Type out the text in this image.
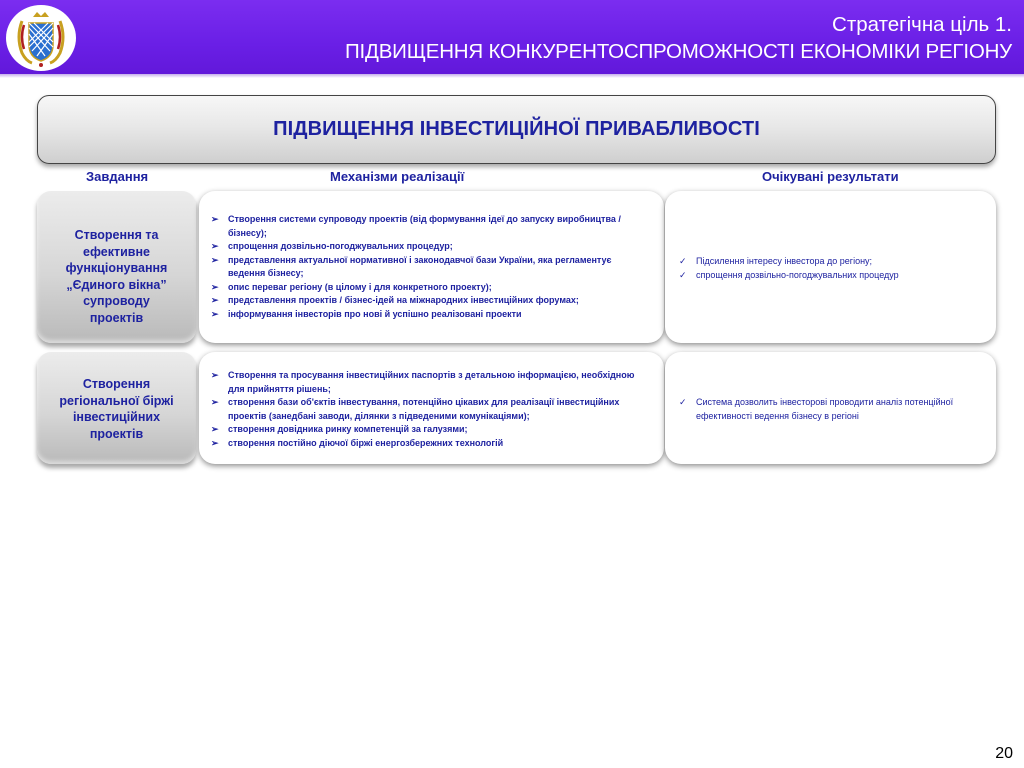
Стратегічна ціль 1.
ПІДВИЩЕННЯ КОНКУРЕНТОСПРОМОЖНОСТІ ЕКОНОМІКИ РЕГІОНУ
ПІДВИЩЕННЯ ІНВЕСТИЦІЙНОЇ ПРИВАБЛИВОСТІ
Завдання	Механізми реалізації	Очікувані результати
Створення та ефективне функціонування „Єдиного вікна” супроводу проектів
➢ Створення системи супроводу проектів (від формування ідеї до запуску виробництва / бізнесу);
➢ спрощення дозвільно-погоджувальних процедур;
➢ представлення актуальної нормативної і законодавчої бази України, яка регламентує ведення бізнесу;
➢ опис переваг регіону (в цілому і для конкретного проекту);
➢ представлення проектів / бізнес-ідей на міжнародних інвестиційних форумах;
➢ інформування інвесторів про нові й успішно реалізовані проекти
✓ Підсилення інтересу інвестора до регіону;
✓ спрощення дозвільно-погоджувальних процедур
Створення регіональної біржі інвестиційних проектів
➢ Створення та просування інвестиційних паспортів з детальною інформацією, необхідною для прийняття рішень;
➢ створення бази об'єктів інвестування, потенційно цікавих для реалізації інвестиційних проектів (занедбані заводи, ділянки з підведеними комунікаціями);
➢ створення довідника ринку компетенцій за галузями;
➢ створення постійно діючої біржі енергозбережних технологій
✓ Система дозволить інвесторові проводити аналіз потенційної ефективності ведення бізнесу в регіоні
20
